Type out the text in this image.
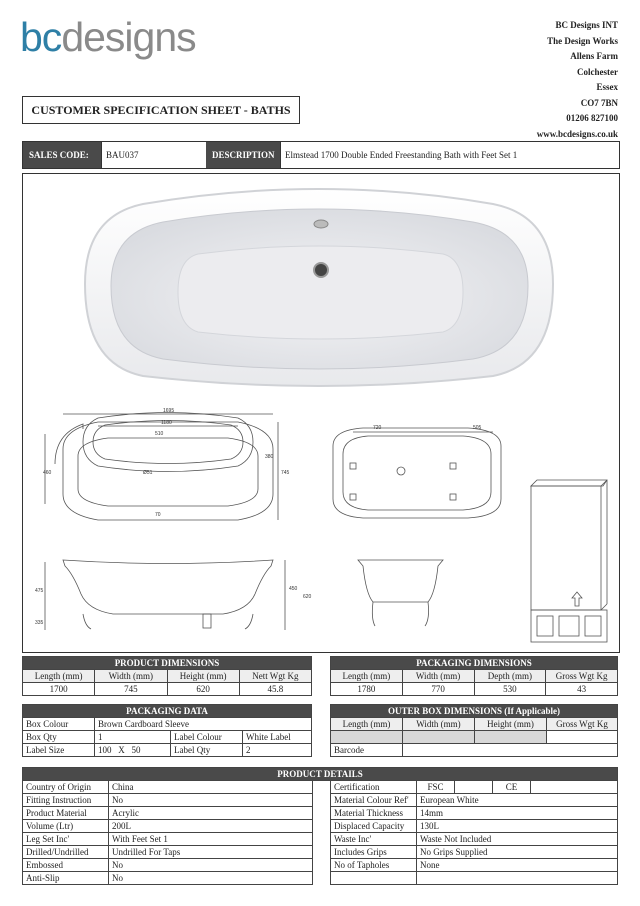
bcdesigns	BC Designs INT
The Design Works
Allens Farm
Colchester
Essex
CO7 7BN
01206 827100
www.bcdesigns.co.uk
CUSTOMER SPECIFICATION SHEET - BATHS
SALES CODE:	BAU037	DESCRIPTION	Elmstead 1700 Double Ended Freestanding Bath with Feet Set 1
1695
1180
510
380
745
460	Ø51
70
720	505
475
335
450
620
PRODUCT DIMENSIONS			
Length (mm)	Width (mm)	Height (mm)	Nett Wgt Kg
1700	745	620	45.8
PACKAGING DIMENSIONS			
Length (mm)	Width (mm)	Depth (mm)	Gross Wgt Kg
1780	770	530	43
PACKAGING DATA			
Box Colour	Brown Cardboard Sleeve		
Box Qty	1	Label Colour	White Label
Label Size	100   X   50	Label Qty	2
OUTER BOX DIMENSIONS (If Applicable)			
Length (mm)	Width (mm)	Height (mm)	Gross Wgt Kg

Barcode			
PRODUCT DETAILS							
Country of Origin	China		Certification	FSC		CE	
Fitting Instruction	No		Material Colour Ref'	European White			
Product Material	Acrylic		Material Thickness	14mm			
Volume (Ltr)	200L		Displaced Capacity	130L			
Leg Set Inc'	With Feet Set 1		Waste Inc'	Waste Not Included			
Drilled/Undrilled	Undrilled For Taps		Includes Grips	No Grips Supplied			
Embossed	No		No of Tapholes	None			
Anti-Slip	No						
